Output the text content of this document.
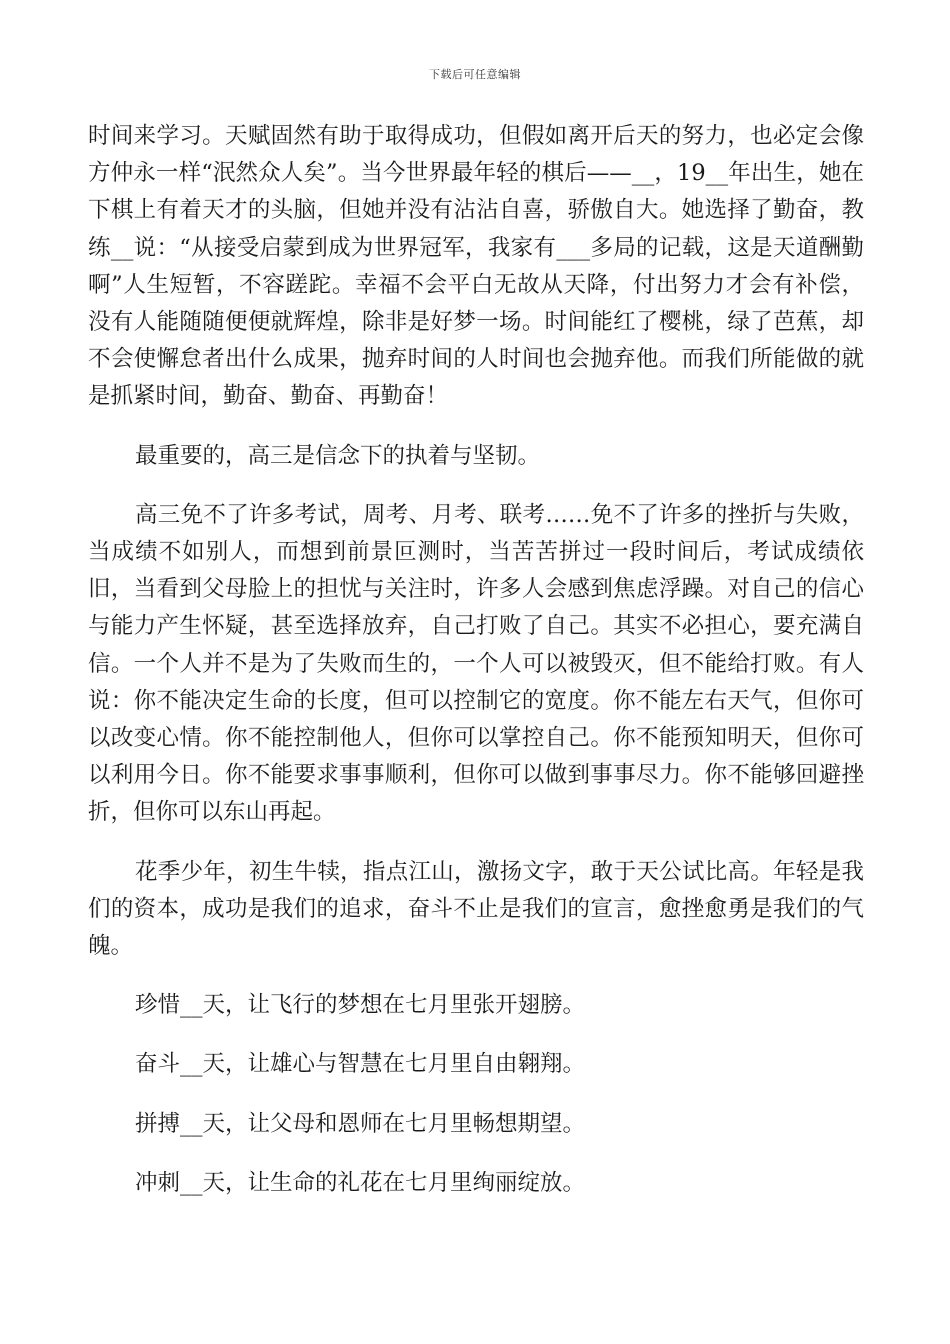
下载后可任意编辑

时间来学习。天赋固然有助于取得成功，但假如离开后天的努力，也必定会像方仲永一样“泯然众人矣”。当今世界最年轻的棋后——__，19__年出生，她在下棋上有着天才的头脑，但她并没有沾沾自喜，骄傲自大。她选择了勤奋，教练__说：“从接受启蒙到成为世界冠军，我家有___多局的记载，这是天道酬勤啊”人生短暂，不容蹉跎。幸福不会平白无故从天降，付出努力才会有补偿，没有人能随随便便就辉煌，除非是好梦一场。时间能红了樱桃，绿了芭蕉，却不会使懈怠者出什么成果，抛弃时间的人时间也会抛弃他。而我们所能做的就是抓紧时间，勤奋、勤奋、再勤奋！

最重要的，高三是信念下的执着与坚韧。

高三免不了许多考试，周考、月考、联考……免不了许多的挫折与失败，当成绩不如别人，而想到前景叵测时，当苦苦拼过一段时间后，考试成绩依旧，当看到父母脸上的担忧与关注时，许多人会感到焦虑浮躁。对自己的信心与能力产生怀疑，甚至选择放弃，自己打败了自己。其实不必担心，要充满自信。一个人并不是为了失败而生的，一个人可以被毁灭，但不能给打败。有人说：你不能决定生命的长度，但可以控制它的宽度。你不能左右天气，但你可以改变心情。你不能控制他人，但你可以掌控自己。你不能预知明天，但你可以利用今日。你不能要求事事顺利，但你可以做到事事尽力。你不能够回避挫折，但你可以东山再起。

花季少年，初生牛犊，指点江山，激扬文字，敢于天公试比高。年轻是我们的资本，成功是我们的追求，奋斗不止是我们的宣言，愈挫愈勇是我们的气魄。

珍惜__天，让飞行的梦想在七月里张开翅膀。

奋斗__天，让雄心与智慧在七月里自由翱翔。

拼搏__天，让父母和恩师在七月里畅想期望。

冲刺__天，让生命的礼花在七月里绚丽绽放。
